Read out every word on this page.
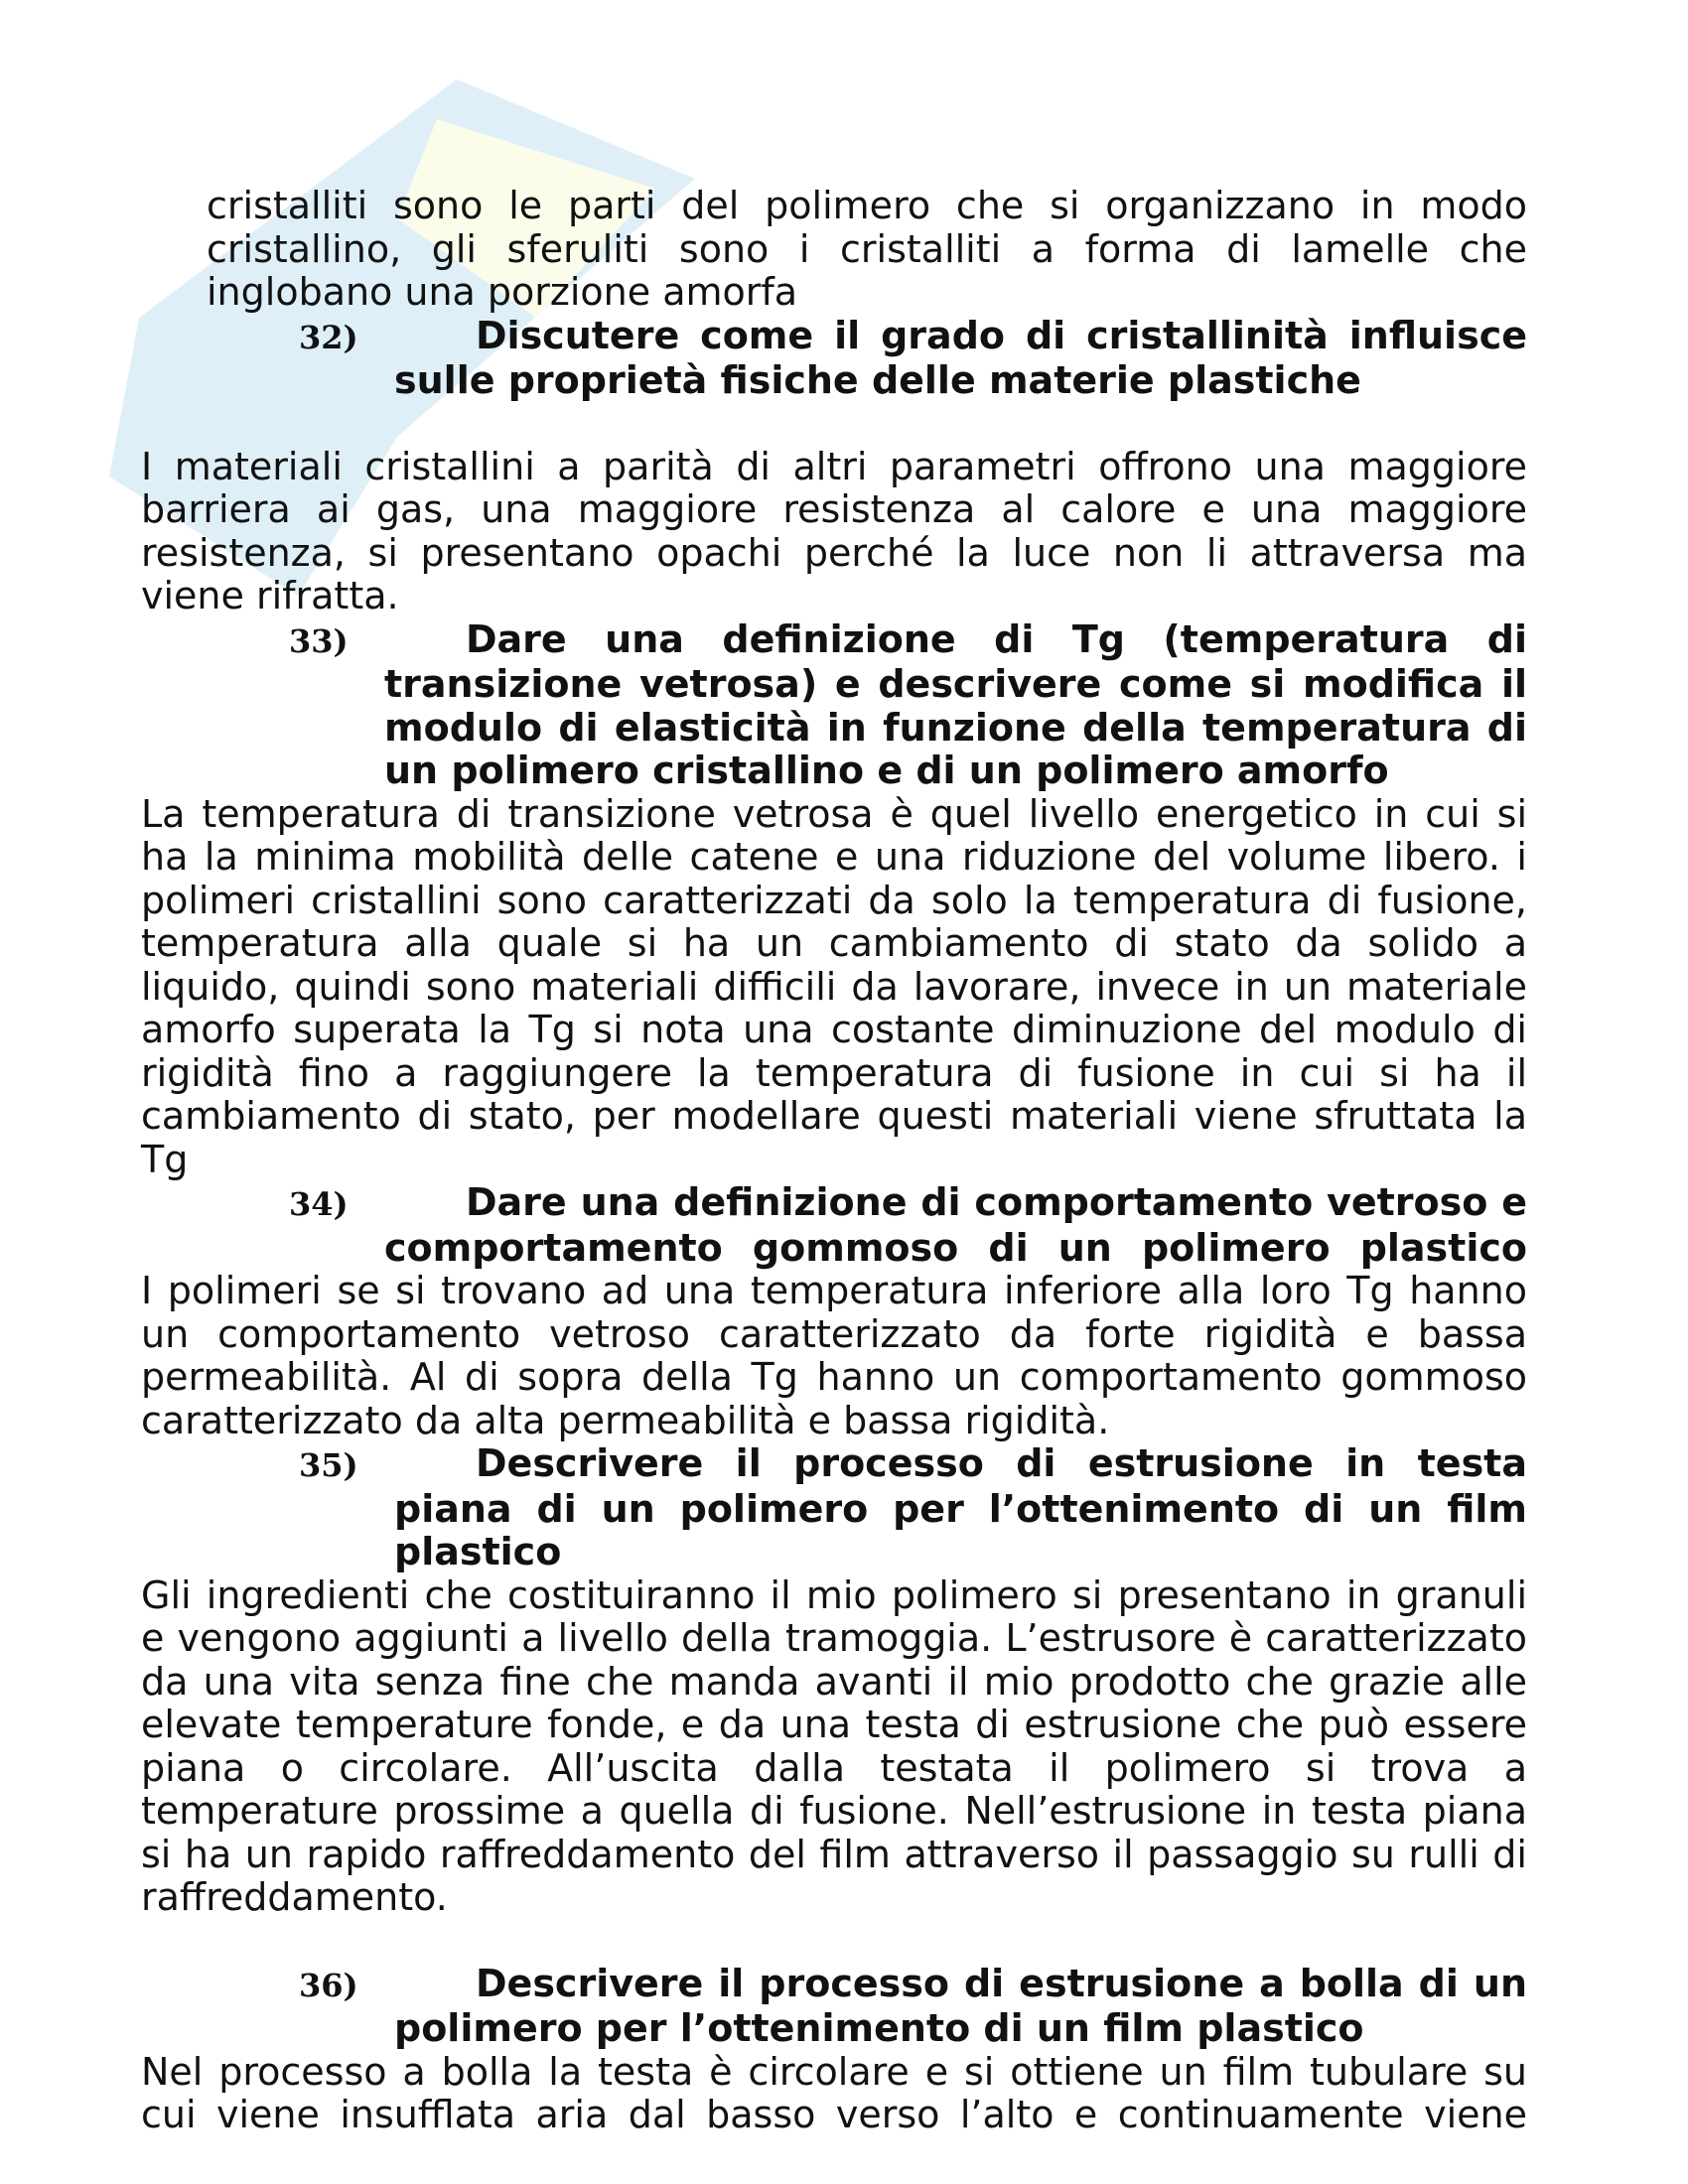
cristalliti sono le parti del polimero che si organizzano in modo cristallino, gli sferuliti sono i cristalliti a forma di lamelle che inglobano una porzione amorfa

32)	Discutere come il grado di cristallinità influisce sulle proprietà fisiche delle materie plastiche

I materiali cristallini a parità di altri parametri offrono una maggiore barriera ai gas, una maggiore resistenza al calore e una maggiore resistenza, si presentano opachi perché la luce non li attraversa ma viene rifratta.

33)	Dare una definizione di Tg (temperatura di transizione vetrosa) e descrivere come si modifica il modulo di elasticità in funzione della temperatura di un polimero cristallino e di un polimero amorfo

La temperatura di transizione vetrosa è quel livello energetico in cui si ha la minima mobilità delle catene e una riduzione del volume libero. i polimeri cristallini sono caratterizzati da solo la temperatura di fusione, temperatura alla quale si ha un cambiamento di stato da solido a liquido, quindi sono materiali difficili da lavorare, invece in un materiale amorfo superata la Tg si nota una costante diminuzione del modulo di rigidità fino a raggiungere la temperatura di fusione in cui si ha il cambiamento di stato, per modellare questi materiali viene sfruttata la Tg

34)	Dare una definizione di comportamento vetroso e comportamento gommoso di un polimero plastico

I polimeri se si trovano ad una temperatura inferiore alla loro Tg hanno un comportamento vetroso caratterizzato da forte rigidità e bassa permeabilità. Al di sopra della Tg hanno un comportamento gommoso caratterizzato da alta permeabilità e bassa rigidità.

35)	Descrivere il processo di estrusione in testa piana di un polimero per l’ottenimento di un film plastico

Gli ingredienti che costituiranno il mio polimero si presentano in granuli e vengono aggiunti a livello della tramoggia. L’estrusore è caratterizzato da una vita senza fine che manda avanti il mio prodotto che grazie alle elevate temperature fonde, e da una testa di estrusione che può essere piana o circolare. All’uscita dalla testata il polimero si trova a temperature prossime a quella di fusione. Nell’estrusione in testa piana si ha un rapido raffreddamento del film attraverso il passaggio su rulli di raffreddamento.

36)	Descrivere il processo di estrusione a bolla di un polimero per l’ottenimento di un film plastico

Nel processo a bolla la testa è circolare e si ottiene un film tubulare su cui viene insufflata aria dal basso verso l’alto e continuamente viene
